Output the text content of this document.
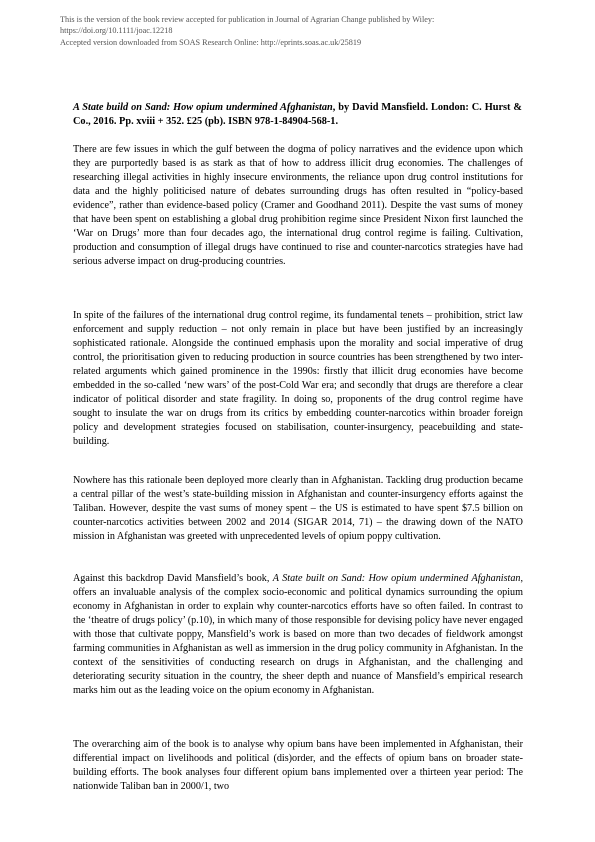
This is the version of the book review accepted for publication in Journal of Agrarian Change published by Wiley:
https://doi.org/10.1111/joac.12218
Accepted version downloaded from SOAS Research Online: http://eprints.soas.ac.uk/25819
A State build on Sand: How opium undermined Afghanistan, by David Mansfield. London: C. Hurst & Co., 2016. Pp. xviii + 352. £25 (pb). ISBN 978-1-84904-568-1.

There are few issues in which the gulf between the dogma of policy narratives and the evidence upon which they are purportedly based is as stark as that of how to address illicit drug economies. The challenges of researching illegal activities in highly insecure environments, the reliance upon drug control institutions for data and the highly politicised nature of debates surrounding drugs has often resulted in “policy-based evidence”, rather than evidence-based policy (Cramer and Goodhand 2011). Despite the vast sums of money that have been spent on establishing a global drug prohibition regime since President Nixon first launched the ‘War on Drugs’ more than four decades ago, the international drug control regime is failing. Cultivation, production and consumption of illegal drugs have continued to rise and counter-narcotics strategies have had serious adverse impact on drug-producing countries.

In spite of the failures of the international drug control regime, its fundamental tenets – prohibition, strict law enforcement and supply reduction – not only remain in place but have been justified by an increasingly sophisticated rationale. Alongside the continued emphasis upon the morality and social imperative of drug control, the prioritisation given to reducing production in source countries has been strengthened by two inter-related arguments which gained prominence in the 1990s: firstly that illicit drug economies have become embedded in the so-called ‘new wars’ of the post-Cold War era; and secondly that drugs are therefore a clear indicator of political disorder and state fragility. In doing so, proponents of the drug control regime have sought to insulate the war on drugs from its critics by embedding counter-narcotics within broader foreign policy and development strategies focused on stabilisation, counter-insurgency, peacebuilding and state-building.

Nowhere has this rationale been deployed more clearly than in Afghanistan. Tackling drug production became a central pillar of the west’s state-building mission in Afghanistan and counter-insurgency efforts against the Taliban. However, despite the vast sums of money spent – the US is estimated to have spent $7.5 billion on counter-narcotics activities between 2002 and 2014 (SIGAR 2014, 71) – the drawing down of the NATO mission in Afghanistan was greeted with unprecedented levels of opium poppy cultivation.

Against this backdrop David Mansfield’s book, A State built on Sand: How opium undermined Afghanistan, offers an invaluable analysis of the complex socio-economic and political dynamics surrounding the opium economy in Afghanistan in order to explain why counter-narcotics efforts have so often failed. In contrast to the ‘theatre of drugs policy’ (p.10), in which many of those responsible for devising policy have never engaged with those that cultivate poppy, Mansfield’s work is based on more than two decades of fieldwork amongst farming communities in Afghanistan as well as immersion in the drug policy community in Afghanistan. In the context of the sensitivities of conducting research on drugs in Afghanistan, and the challenging and deteriorating security situation in the country, the sheer depth and nuance of Mansfield’s empirical research marks him out as the leading voice on the opium economy in Afghanistan.

The overarching aim of the book is to analyse why opium bans have been implemented in Afghanistan, their differential impact on livelihoods and political (dis)order, and the effects of opium bans on broader state-building efforts. The book analyses four different opium bans implemented over a thirteen year period: The nationwide Taliban ban in 2000/1, two
